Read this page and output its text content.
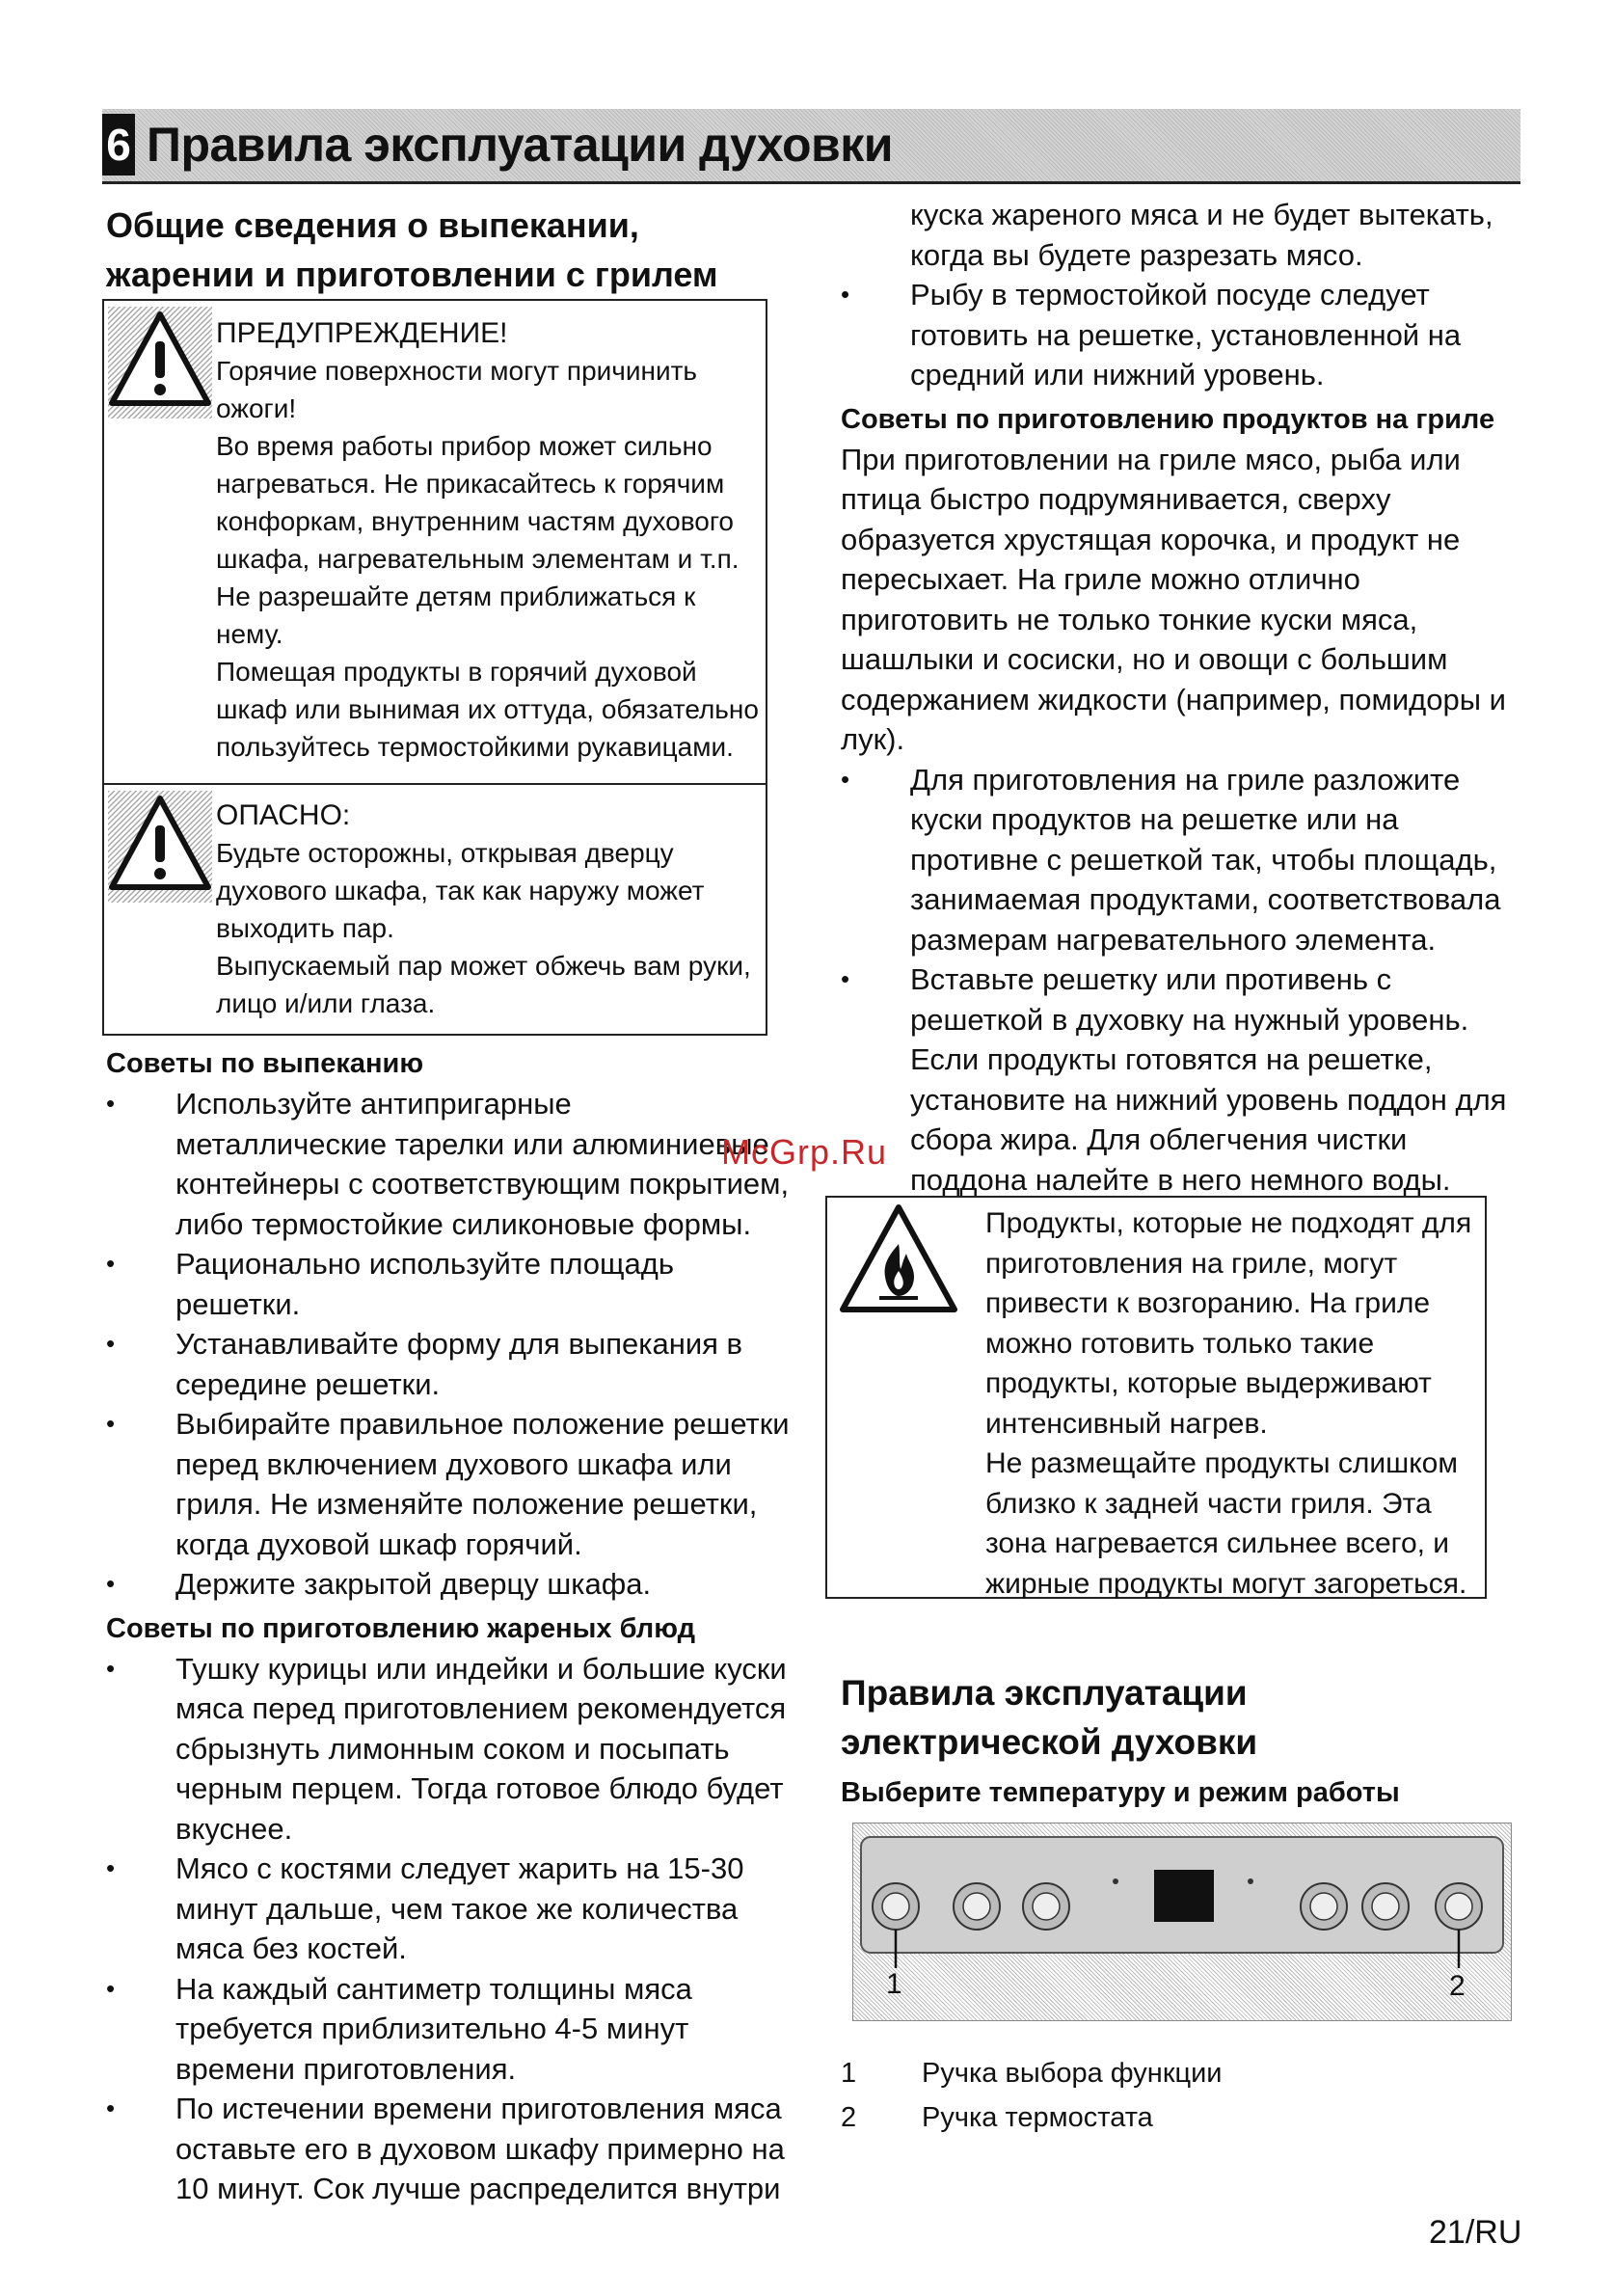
6 Правила эксплуатации духовки

Общие сведения о выпекании, жарении и приготовлении с грилем

ПРЕДУПРЕЖДЕНИЕ!
Горячие поверхности могут причинить ожоги!
Во время работы прибор может сильно нагреваться. Не прикасайтесь к горячим конфоркам, внутренним частям духового шкафа, нагревательным элементам и т.п. Не разрешайте детям приближаться к нему.
Помещая продукты в горячий духовой шкаф или вынимая их оттуда, обязательно пользуйтесь термостойкими рукавицами.
ОПАСНО:
Будьте осторожны, открывая дверцу духового шкафа, так как наружу может выходить пар.
Выпускаемый пар может обжечь вам руки, лицо и/или глаза.

Советы по выпеканию

• Используйте антипригарные металлические тарелки или алюминиевые контейнеры с соответствующим покрытием, либо термостойкие силиконовые формы.
• Рационально используйте площадь решетки.
• Устанавливайте форму для выпекания в середине решетки.
• Выбирайте правильное положение решетки перед включением духового шкафа или гриля. Не изменяйте положение решетки, когда духовой шкаф горячий.
• Держите закрытой дверцу шкафа.

Советы по приготовлению жареных блюд

• Тушку курицы или индейки и большие куски мяса перед приготовлением рекомендуется сбрызнуть лимонным соком и посыпать черным перцем. Тогда готовое блюдо будет вкуснее.
• Мясо с костями следует жарить на 15-30 минут дальше, чем такое же количества мяса без костей.
• На каждый сантиметр толщины мяса требуется приблизительно 4-5 минут времени приготовления.
• По истечении времени приготовления мяса оставьте его в духовом шкафу примерно на 10 минут. Сок лучше распределится внутри

куска жареного мяса и не будет вытекать, когда вы будете разрезать мясо.

• Рыбу в термостойкой посуде следует готовить на решетке, установленной на средний или нижний уровень.

Советы по приготовлению продуктов на гриле

При приготовлении на гриле мясо, рыба или птица быстро подрумянивается, сверху образуется хрустящая корочка, и продукт не пересыхает. На гриле можно отлично приготовить не только тонкие куски мяса, шашлыки и сосиски, но и овощи с большим содержанием жидкости (например, помидоры и лук).

• Для приготовления на гриле разложите куски продуктов на решетке или на противне с решеткой так, чтобы площадь, занимаемая продуктами, соответствовала размерам нагревательного элемента.
• Вставьте решетку или противень с решеткой в духовку на нужный уровень. Если продукты готовятся на решетке, установите на нижний уровень поддон для сбора жира. Для облегчения чистки поддона налейте в него немного воды.
McGrp.Ru
Продукты, которые не подходят для приготовления на гриле, могут привести к возгоранию. На гриле можно готовить только такие продукты, которые выдерживают интенсивный нагрев.
Не размещайте продукты слишком близко к задней части гриля. Эта зона нагревается сильнее всего, и жирные продукты могут загореться.

Правила эксплуатации электрической духовки

Выберите температуру и режим работы

1	2
1 Ручка выбора функции
2 Ручка термостата
21/RU
